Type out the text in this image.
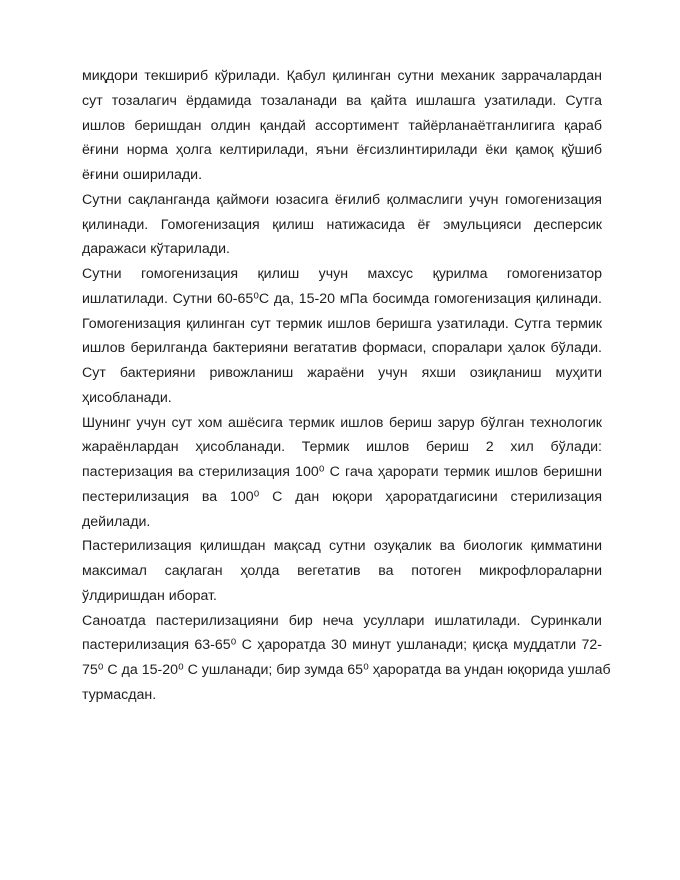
миқдори текшириб кўрилади. Қабул қилинган сутни механик заррачалардан
сут тозалагич ёрдамида тозаланади ва қайта ишлашга узатилади. Сутга
ишлов беришдан олдин қандай ассортимент тайёрланаётганлигига қараб
ёғини норма ҳолга келтирилади, яъни ёғсизлинтирилади ёки қамоқ қўшиб
ёғини оширилади.
Сутни сақланганда қаймоғи юзасига ёғилиб қолмаслиги учун гомогенизация
қилинади. Гомогенизация қилиш натижасида ёғ эмульцияси десперсик
даражаси кўтарилади.
Сутни гомогенизация қилиш учун махсус қурилма гомогенизатор
ишлатилади. Сутни 60-65⁰С да, 15-20 мПа босимда гомогенизация қилинади.
Гомогенизация қилинган сут термик ишлов беришга узатилади. Сутга термик
ишлов берилганда бактерияни вегататив формаси, споралари ҳалок бўлади.
Сут бактерияни ривожланиш жараёни учун яхши озиқланиш муҳити
ҳисобланади.
Шунинг учун сут хом ашёсига термик ишлов бериш зарур бўлган технологик
жараёнлардан ҳисобланади. Термик ишлов бериш 2 хил бўлади:
пастеризация ва стерилизация 100⁰ С гача ҳарорати термик ишлов беришни
пестерилизация ва 100⁰ С дан юқори ҳароратдагисини стерилизация
дейилади.
Пастерилизация қилишдан мақсад сутни озуқалик ва биологик қимматини
максимал сақлаган ҳолда вегетатив ва потоген микрофлораларни
ўлдиришдан иборат.
Саноатда пастерилизацияни бир неча усуллари ишлатилади. Суринкали
пастерилизация 63-65⁰ С ҳароратда 30 минут ушланади; қисқа муддатли 72-
75⁰ С да 15-20⁰ С ушланади; бир зумда 65⁰ ҳароратда ва ундан юқорида ушлаб
турмасдан.
